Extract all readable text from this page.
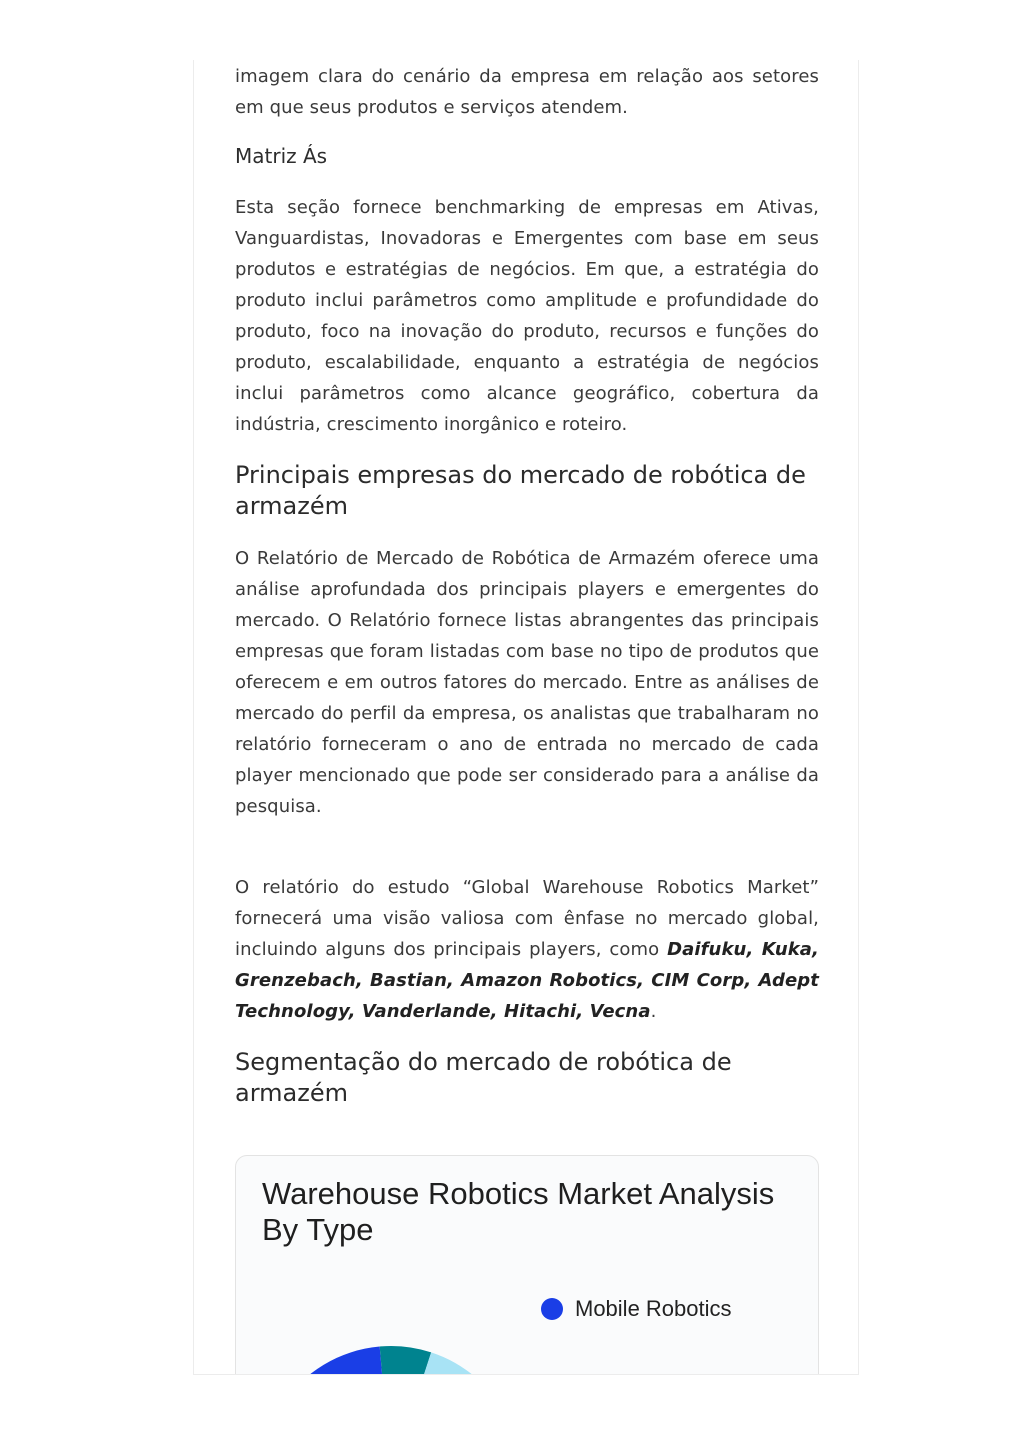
imagem clara do cenário da empresa em relação aos setores em que seus produtos e serviços atendem.

Matriz Ás

Esta seção fornece benchmarking de empresas em Ativas, Vanguardistas, Inovadoras e Emergentes com base em seus produtos e estratégias de negócios. Em que, a estratégia do produto inclui parâmetros como amplitude e profundidade do produto, foco na inovação do produto, recursos e funções do produto, escalabilidade, enquanto a estratégia de negócios inclui parâmetros como alcance geográfico, cobertura da indústria, crescimento inorgânico e roteiro.

Principais empresas do mercado de robótica de armazém

O Relatório de Mercado de Robótica de Armazém oferece uma análise aprofundada dos principais players e emergentes do mercado. O Relatório fornece listas abrangentes das principais empresas que foram listadas com base no tipo de produtos que oferecem e em outros fatores do mercado. Entre as análises de mercado do perfil da empresa, os analistas que trabalharam no relatório forneceram o ano de entrada no mercado de cada player mencionado que pode ser considerado para a análise da pesquisa.

O relatório do estudo “Global Warehouse Robotics Market” fornecerá uma visão valiosa com ênfase no mercado global, incluindo alguns dos principais players, como Daifuku, Kuka, Grenzebach, Bastian, Amazon Robotics, CIM Corp, Adept Technology, Vanderlande, Hitachi, Vecna.

Segmentação do mercado de robótica de armazém
Warehouse Robotics Market Analysis By Type
Mobile Robotics
